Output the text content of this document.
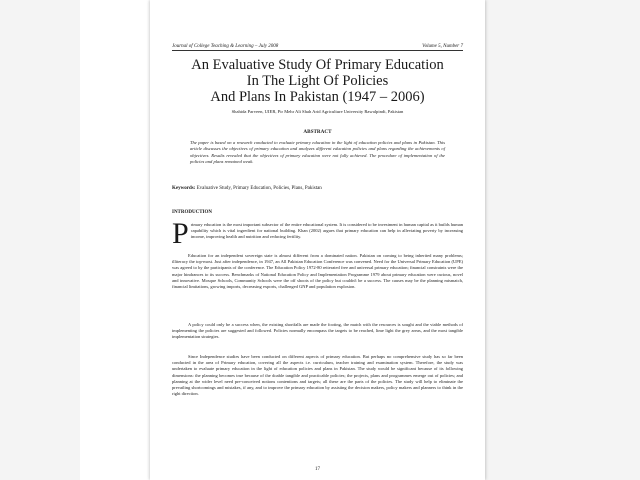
Journal of College Teaching & Learning – July 2008	Volume 5, Number 7
An Evaluative Study Of Primary Education
In The Light Of Policies
And Plans In Pakistan (1947 – 2006)
Shahida Parveen, UIER, Pir Mehr Ali Shah Arid Agriculture University Rawalpindi, Pakistan
ABSTRACT
The paper is based on a research conducted to evaluate primary education in the light of education policies and plans in Pakistan. This article discusses the objectives of primary education and analyzes different education policies and plans regarding the achievements of objectives. Results revealed that the objectives of primary education were not fully achieved. The procedure of implementation of the policies and plans remained weak.
Keywords: Evaluative Study, Primary Education, Policies, Plans, Pakistan
INTRODUCTION
P rimary education is the most important subsector of the entire educational system. It is considered to be investment in human capital as it builds human capability which is vital ingredient for national building. Khan (2002) argues that primary education can help in alleviating poverty by increasing income, improving health and nutrition and reducing fertility.

Education for an independent sovereign state is almost different from a dominated nation. Pakistan on coming to being inherited many problems; illiteracy the top-most. Just after independence, in 1947, an All Pakistan Education Conference was convened. Need for the Universal Primary Education (UPE) was agreed to by the participants of the conference. The Education Policy 1972-80 reiterated free and universal primary education; financial constraints were the major hindrances to its success. Benchmarks of National Education Policy and Implementation Programme 1979 about primary education were curious, novel and innovative. Mosque Schools, Community Schools were the off shoots of the policy but couldn't be a success. The causes may be the planning mismatch, financial limitations, growing imports, decreasing exports, challenged GNP and population explosion.

A policy could only be a success when, the existing shortfalls are made the footing, the match with the resources is sought and the viable methods of implementing the policies are suggested and followed. Policies normally encompass the targets to be reached, lime light the grey areas, and the most tangible implementation strategies.

Since Independence studies have been conducted on different aspects of primary education. But perhaps no comprehensive study has so far been conducted in the area of Primary education, covering all the aspects i.e. curriculum, teacher training and examination system. Therefore, the study was undertaken to evaluate primary education in the light of education policies and plans in Pakistan. The study would be significant because of its following dimensions: the planning becomes true because of the doable tangible and practicable policies; the projects, plans and programmes emerge out of policies; and planning at the wider level need pre-conceived notions contentions and targets; all these are the parts of the policies. The study will help to eliminate the prevailing shortcomings and mistakes, if any, and to improve the primary education by assisting the decision makers, policy makers and planners to think in the right direction.

17
